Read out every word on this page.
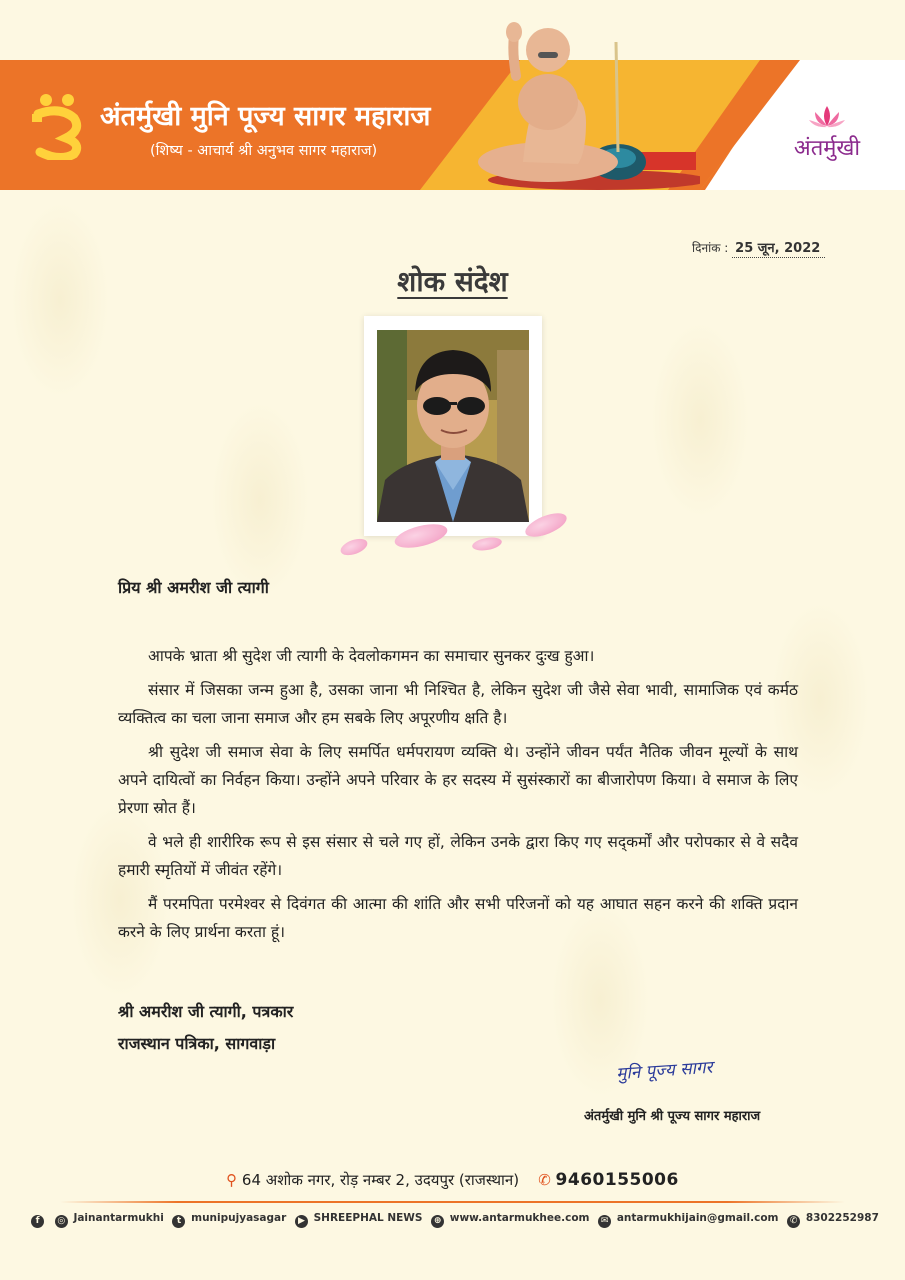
अंतर्मुखी मुनि पूज्य सागर महाराज
(शिष्य - आचार्य श्री अनुभव सागर महाराज)	अंतर्मुखी
दिनांक : 25 जून, 2022
शोक संदेश
प्रिय श्री अमरीश जी त्यागी

आपके भ्राता श्री सुदेश जी त्यागी के देवलोकगमन का समाचार सुनकर दुःख हुआ।

संसार में जिसका जन्म हुआ है, उसका जाना भी निश्चित है, लेकिन सुदेश जी जैसे सेवा भावी, सामाजिक एवं कर्मठ व्यक्तित्व का चला जाना समाज और हम सबके लिए अपूरणीय क्षति है।

श्री सुदेश जी समाज सेवा के लिए समर्पित धर्मपरायण व्यक्ति थे। उन्होंने जीवन पर्यंत नैतिक जीवन मूल्यों के साथ अपने दायित्वों का निर्वहन किया। उन्होंने अपने परिवार के हर सदस्य में सुसंस्कारों का बीजारोपण किया। वे समाज के लिए प्रेरणा स्रोत हैं।

वे भले ही शारीरिक रूप से इस संसार से चले गए हों, लेकिन उनके द्वारा किए गए सद्कर्मों और परोपकार से वे सदैव हमारी स्मृतियों में जीवंत रहेंगे।

मैं परमपिता परमेश्वर से दिवंगत की आत्मा की शांति और सभी परिजनों को यह आघात सहन करने की शक्ति प्रदान करने के लिए प्रार्थना करता हूं।

श्री अमरीश जी त्यागी, पत्रकार
राजस्थान पत्रिका, सागवाड़ा
मुनि पूज्य सागर
अंतर्मुखी मुनि श्री पूज्य सागर महाराज
⚲ 64 अशोक नगर, रोड़ नम्बर 2, उदयपुर (राजस्थान) ✆ 9460155006
f ◎ Jainantarmukhi t munipujyasagar ▶ SHREEPHAL NEWS ⊕ www.antarmukhee.com ✉ antarmukhijain@gmail.com ✆ 8302252987
